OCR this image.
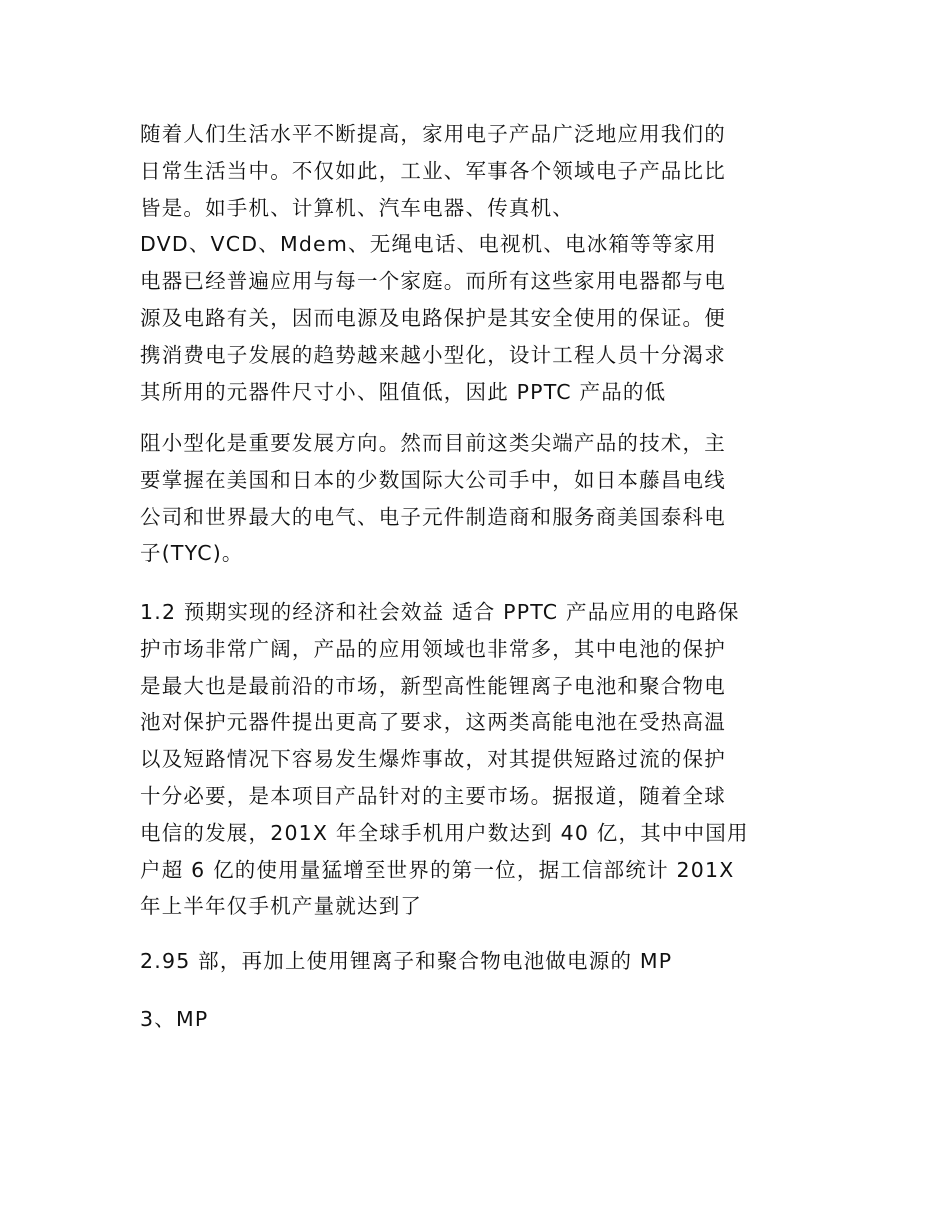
随着人们生活水平不断提高，家用电子产品广泛地应用我们的
日常生活当中。不仅如此，工业、军事各个领域电子产品比比
皆是。如手机、计算机、汽车电器、传真机、
DVD、VCD、Mdem、无绳电话、电视机、电冰箱等等家用
电器已经普遍应用与每一个家庭。而所有这些家用电器都与电
源及电路有关，因而电源及电路保护是其安全使用的保证。便
携消费电子发展的趋势越来越小型化，设计工程人员十分渴求
其所用的元器件尺寸小、阻值低，因此 PPTC 产品的低

阻小型化是重要发展方向。然而目前这类尖端产品的技术，主
要掌握在美国和日本的少数国际大公司手中，如日本藤昌电线
公司和世界最大的电气、电子元件制造商和服务商美国泰科电
子(TYC)。

1.2 预期实现的经济和社会效益 适合 PPTC 产品应用的电路保
护市场非常广阔，产品的应用领域也非常多，其中电池的保护
是最大也是最前沿的市场，新型高性能锂离子电池和聚合物电
池对保护元器件提出更高了要求，这两类高能电池在受热高温
以及短路情况下容易发生爆炸事故，对其提供短路过流的保护
十分必要，是本项目产品针对的主要市场。据报道，随着全球
电信的发展，201X 年全球手机用户数达到 40 亿，其中中国用
户超 6 亿的使用量猛增至世界的第一位，据工信部统计 201X
年上半年仅手机产量就达到了

2.95 部，再加上使用锂离子和聚合物电池做电源的 MP

3、MP
